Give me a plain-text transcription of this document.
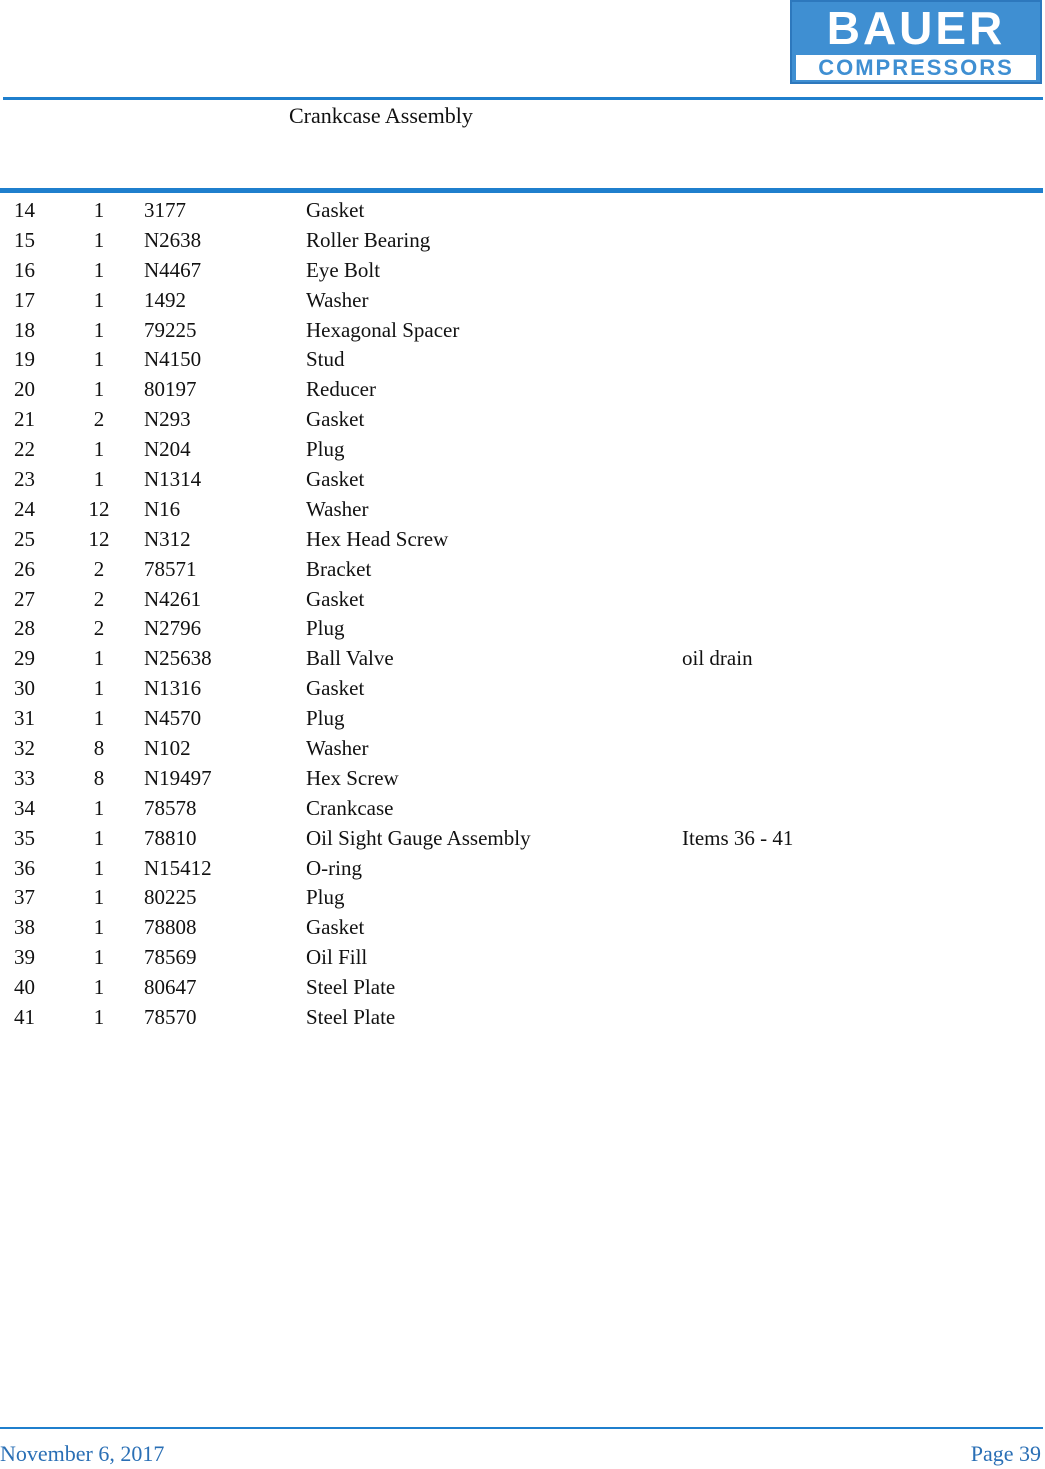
BAUER
COMPRESSORS
Crankcase Assembly
14	1	3177	Gasket
15	1	N2638	Roller Bearing
16	1	N4467	Eye Bolt
17	1	1492	Washer
18	1	79225	Hexagonal Spacer
19	1	N4150	Stud
20	1	80197	Reducer
21	2	N293	Gasket
22	1	N204	Plug
23	1	N1314	Gasket
24	12 N16	Washer
25	12 N312	Hex Head Screw
26	2	78571	Bracket
27	2	N4261	Gasket
28	2	N2796	Plug
29	1	N25638	Ball Valve	oil drain
30	1	N1316	Gasket
31	1	N4570	Plug
32	8	N102	Washer
33	8	N19497	Hex Screw
34	1	78578	Crankcase
35	1	78810	Oil Sight Gauge Assembly	Items 36 - 41
36	1	N15412	O-ring
37	1	80225	Plug
38	1	78808	Gasket
39	1	78569	Oil Fill
40	1	80647	Steel Plate
41	1	78570	Steel Plate
November 6, 2017	Page 39
